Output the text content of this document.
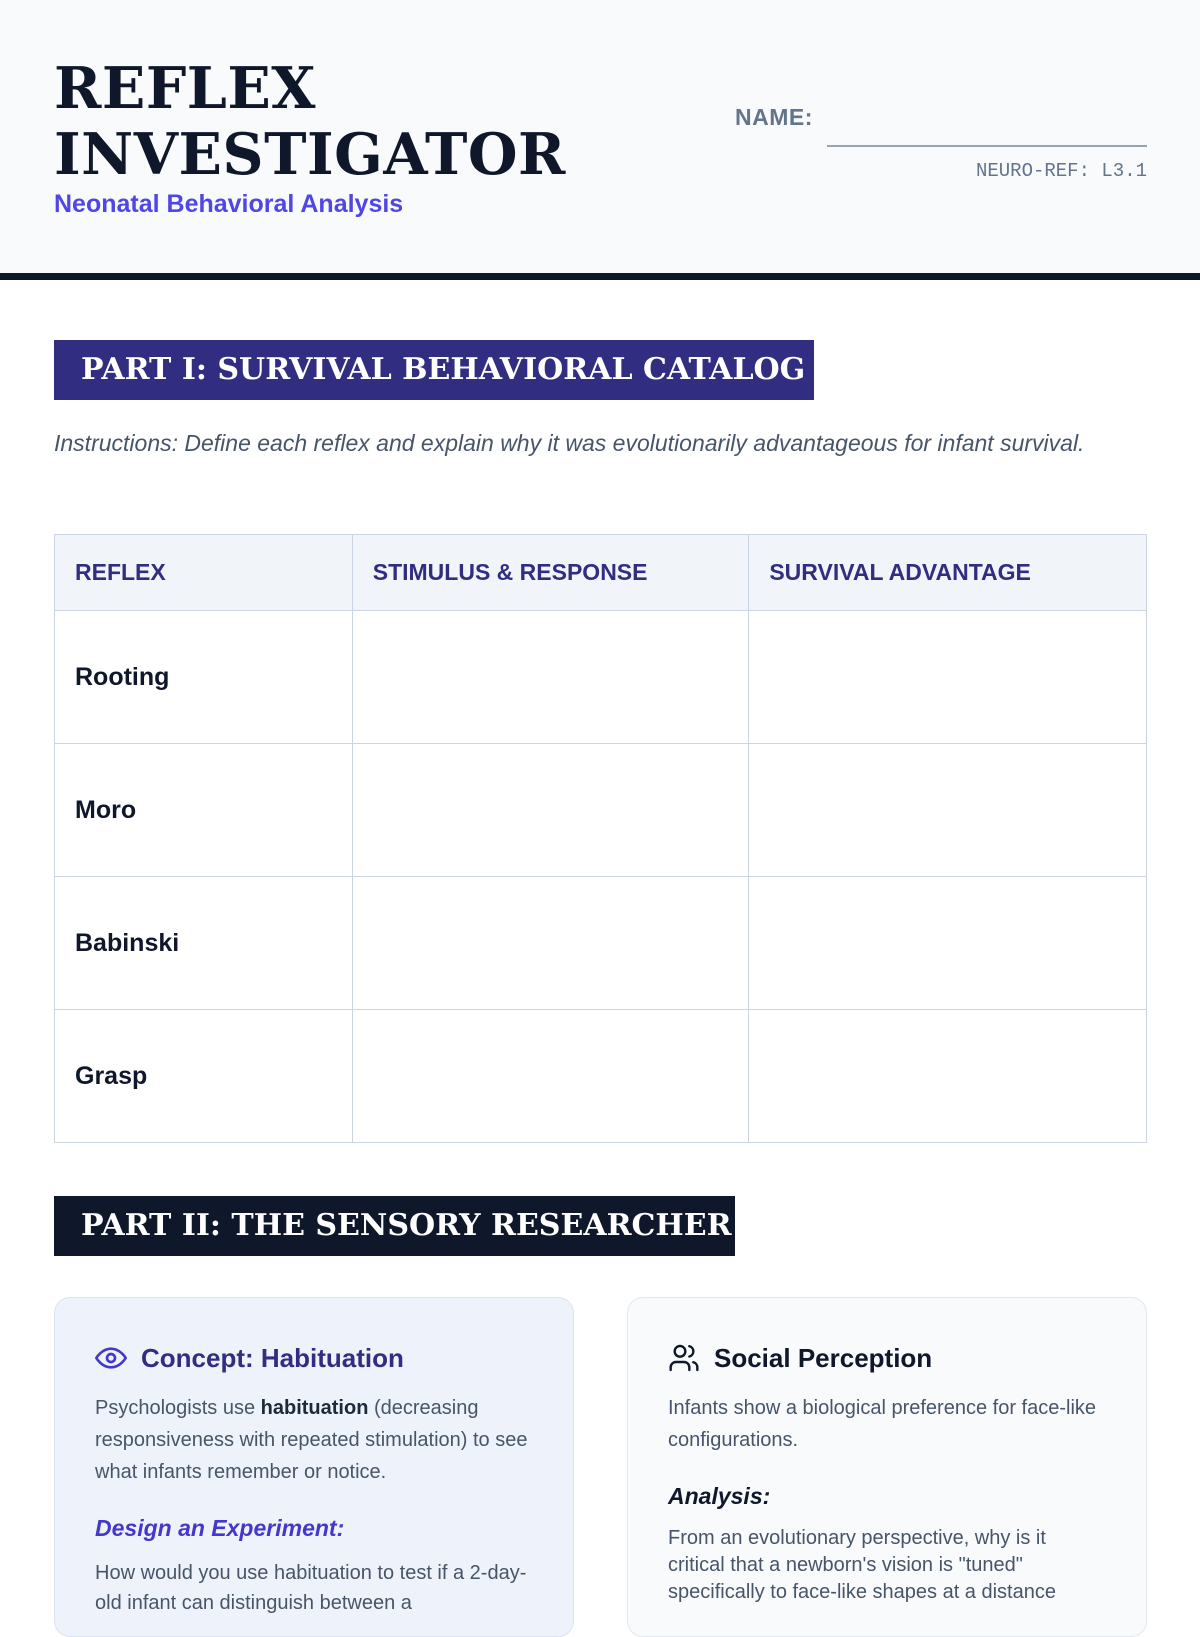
REFLEX
INVESTIGATOR
Neonatal Behavioral Analysis
NAME:
NEURO-REF: L3.1
PART I: SURVIVAL BEHAVIORAL CATALOG
Instructions: Define each reflex and explain why it was evolutionarily advantageous for infant survival.
REFLEX	STIMULUS & RESPONSE	SURVIVAL ADVANTAGE
Rooting		
Moro		
Babinski		
Grasp		
PART II: THE SENSORY RESEARCHER
Concept: Habituation
Psychologists use habituation (decreasing responsiveness with repeated stimulation) to see what infants remember or notice.
Design an Experiment:
How would you use habituation to test if a 2-day-old infant can distinguish between a
Social Perception
Infants show a biological preference for face-like configurations.
Analysis:
From an evolutionary perspective, why is it critical that a newborn's vision is "tuned" specifically to face-like shapes at a distance
